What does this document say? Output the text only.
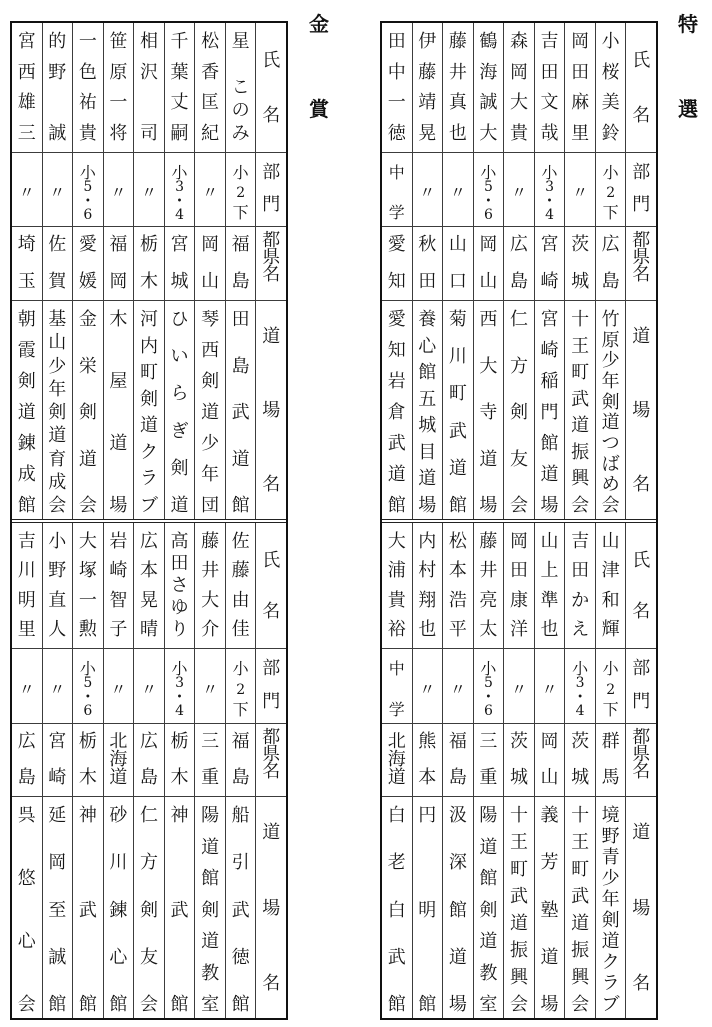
金
賞
氏
名
部
門
都
県
名
道
場
名
星

こ
の
み
小
2
下
福
島
田
島
武
道
館
松
香
匡
紀
〃
岡
山
琴
西
剣
道
少
年
団
千
葉
丈
嗣
小
3
・
4
宮
城
ひ
い
ら
ぎ
剣
道
相
沢

司
〃
栃
木
河
内
町
剣
道
ク
ラ
ブ
笹
原
一
将
〃
福
岡
木
屋
道
場
一
色
祐
貴
小
5
・
6
愛
媛
金
栄
剣
道
会
的
野

誠
〃
佐
賀
基
山
少
年
剣
道
育
成
会
宮
西
雄
三
〃
埼
玉
朝
霞
剣
道
錬
成
館
氏
名
部
門
都
県
名
道
場
名
佐
藤
由
佳
小
2
下
福
島
船
引
武
徳
館
藤
井
大
介
〃
三
重
陽
道
館
剣
道
教
室
高
田
さ
ゆ
り
小
3
・
4
栃
木
神
武
館
広
本
晃
晴
〃
広
島
仁
方
剣
友
会
岩
崎
智
子
〃
北
海
道
砂
川
錬
心
館
大
塚
一
勲
小
5
・
6
栃
木
神
武
館
小
野
直
人
〃
宮
崎
延
岡
至
誠
館
吉
川
明
里
〃
広
島
呉
悠
心
会
特
選
氏
名
部
門
都
県
名
道
場
名
小
桜
美
鈴
小
2
下
広
島
竹
原
少
年
剣
道
つ
ば
め
会
岡
田
麻
里
〃
茨
城
十
王
町
武
道
振
興
会
吉
田
文
哉
小
3
・
4
宮
崎
宮
崎
稲
門
館
道
場
森
岡
大
貴
〃
広
島
仁
方
剣
友
会
鶴
海
誠
大
小
5
・
6
岡
山
西
大
寺
道
場
藤
井
真
也
〃
山
口
菊
川
町
武
道
館
伊
藤
靖
晃
〃
秋
田
養
心
館
五
城
目
道
場
田
中
一
徳
中
学
愛
知
愛
知
岩
倉
武
道
館
氏
名
部
門
都
県
名
道
場
名
山
津
和
輝
小
2
下
群
馬
境
野
青
少
年
剣
道
ク
ラ
ブ
吉
田
か
え
小
3
・
4
茨
城
十
王
町
武
道
振
興
会
山
上
準
也
〃
岡
山
義
芳
塾
道
場
岡
田
康
洋
〃
茨
城
十
王
町
武
道
振
興
会
藤
井
亮
太
小
5
・
6
三
重
陽
道
館
剣
道
教
室
松
本
浩
平
〃
福
島
汲
深
館
道
場
内
村
翔
也
〃
熊
本
円
明
館
大
浦
貴
裕
中
学
北
海
道
白
老
白
武
館
